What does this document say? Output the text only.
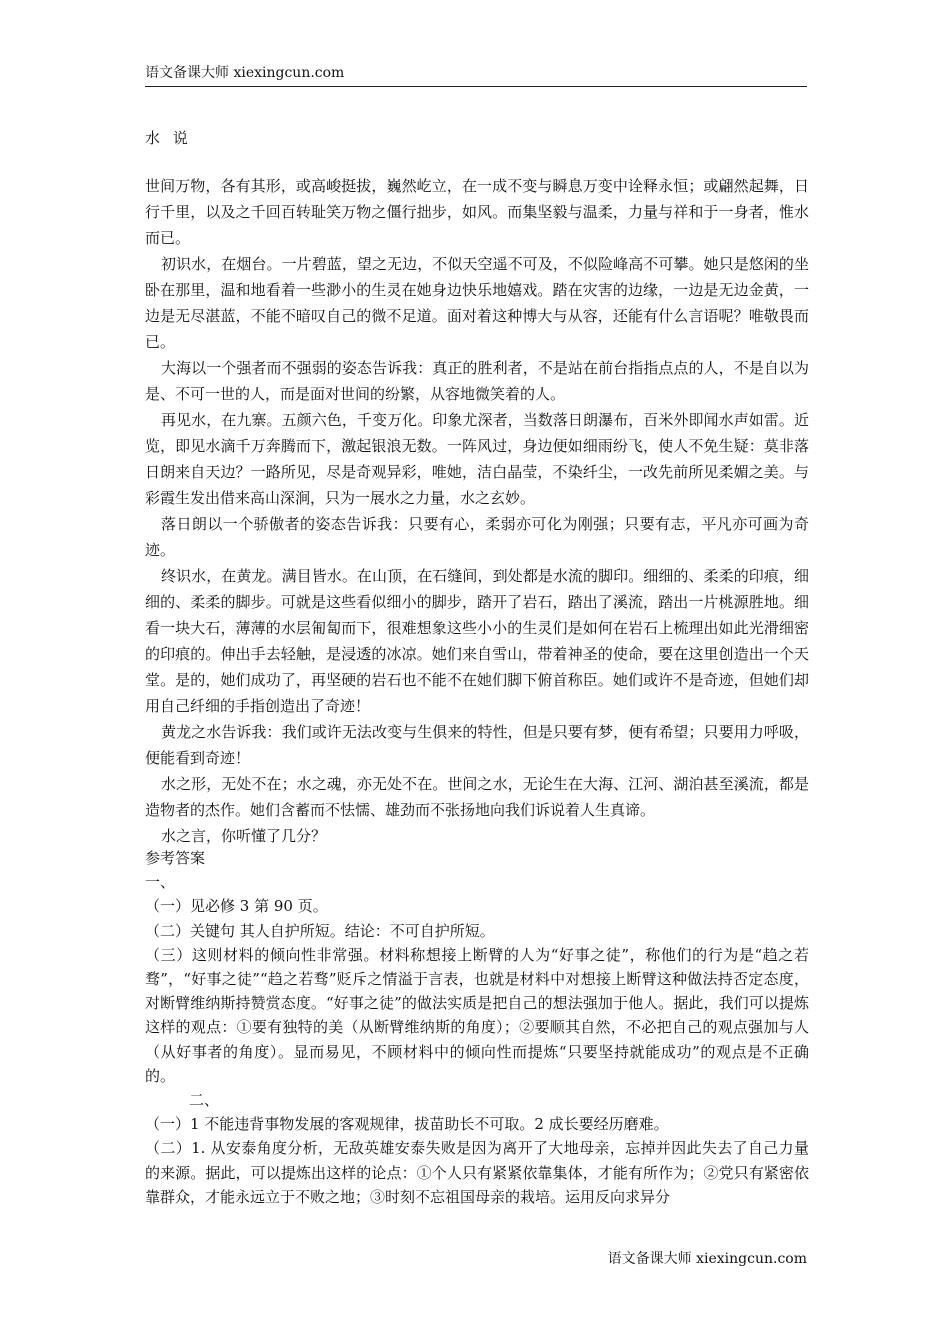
语文备课大师 xiexingcun.com
水 说

世间万物，各有其形，或高峻挺拔，巍然屹立，在一成不变与瞬息万变中诠释永恒；或翩然起舞，日行千里，以及之千回百转耻笑万物之僵行拙步，如风。而集坚毅与温柔，力量与祥和于一身者，惟水而已。

初识水，在烟台。一片碧蓝，望之无边，不似天空遥不可及，不似险峰高不可攀。她只是悠闲的坐卧在那里，温和地看着一些渺小的生灵在她身边快乐地嬉戏。踏在灾害的边缘，一边是无边金黄，一边是无尽湛蓝，不能不暗叹自己的微不足道。面对着这种博大与从容，还能有什么言语呢？唯敬畏而已。

大海以一个强者而不强弱的姿态告诉我：真正的胜利者，不是站在前台指指点点的人，不是自以为是、不可一世的人，而是面对世间的纷繁，从容地微笑着的人。

再见水，在九寨。五颜六色，千变万化。印象尤深者，当数落日朗瀑布，百米外即闻水声如雷。近览，即见水滴千万奔腾而下，激起银浪无数。一阵风过，身边便如细雨纷飞，使人不免生疑：莫非落日朗来自天边？一路所见，尽是奇观异彩，唯她，洁白晶莹，不染纤尘，一改先前所见柔媚之美。与彩霞生发出借来高山深涧，只为一展水之力量，水之玄妙。

落日朗以一个骄傲者的姿态告诉我：只要有心，柔弱亦可化为刚强；只要有志，平凡亦可画为奇迹。

终识水，在黄龙。满目皆水。在山顶，在石缝间，到处都是水流的脚印。细细的、柔柔的印痕，细细的、柔柔的脚步。可就是这些看似细小的脚步，踏开了岩石，踏出了溪流，踏出一片桃源胜地。细看一块大石，薄薄的水层匍匐而下，很难想象这些小小的生灵们是如何在岩石上梳理出如此光滑细密的印痕的。伸出手去轻触，是浸透的冰凉。她们来自雪山，带着神圣的使命，要在这里创造出一个天堂。是的，她们成功了，再坚硬的岩石也不能不在她们脚下俯首称臣。她们或许不是奇迹，但她们却用自己纤细的手指创造出了奇迹！

黄龙之水告诉我：我们或许无法改变与生俱来的特性，但是只要有梦，便有希望；只要用力呼吸，便能看到奇迹！

水之形，无处不在；水之魂，亦无处不在。世间之水，无论生在大海、江河、湖泊甚至溪流，都是造物者的杰作。她们含蓄而不怯懦、雄劲而不张扬地向我们诉说着人生真谛。

水之言，你听懂了几分？

参考答案

一、

（一）见必修 3 第 90 页。

（二）关键句 其人自护所短。结论：不可自护所短。

（三）这则材料的倾向性非常强。材料称想接上断臂的人为“好事之徒”，称他们的行为是“趋之若骛”，“好事之徒”“趋之若骛”贬斥之情溢于言表，也就是材料中对想接上断臂这种做法持否定态度，对断臂维纳斯持赞赏态度。“好事之徒”的做法实质是把自己的想法强加于他人。据此，我们可以提炼这样的观点：①要有独特的美（从断臂维纳斯的角度）；②要顺其自然，不必把自己的观点强加与人（从好事者的角度）。显而易见，不顾材料中的倾向性而提炼“只要坚持就能成功”的观点是不正确的。

二、

（一）1 不能违背事物发展的客观规律，拔苗助长不可取。2 成长要经历磨难。

（二）1. 从安泰角度分析，无敌英雄安泰失败是因为离开了大地母亲，忘掉并因此失去了自己力量的来源。据此，可以提炼出这样的论点：①个人只有紧紧依靠集体，才能有所作为；②党只有紧密依靠群众，才能永远立于不败之地；③时刻不忘祖国母亲的栽培。运用反向求异分

语文备课大师 xiexingcun.com
